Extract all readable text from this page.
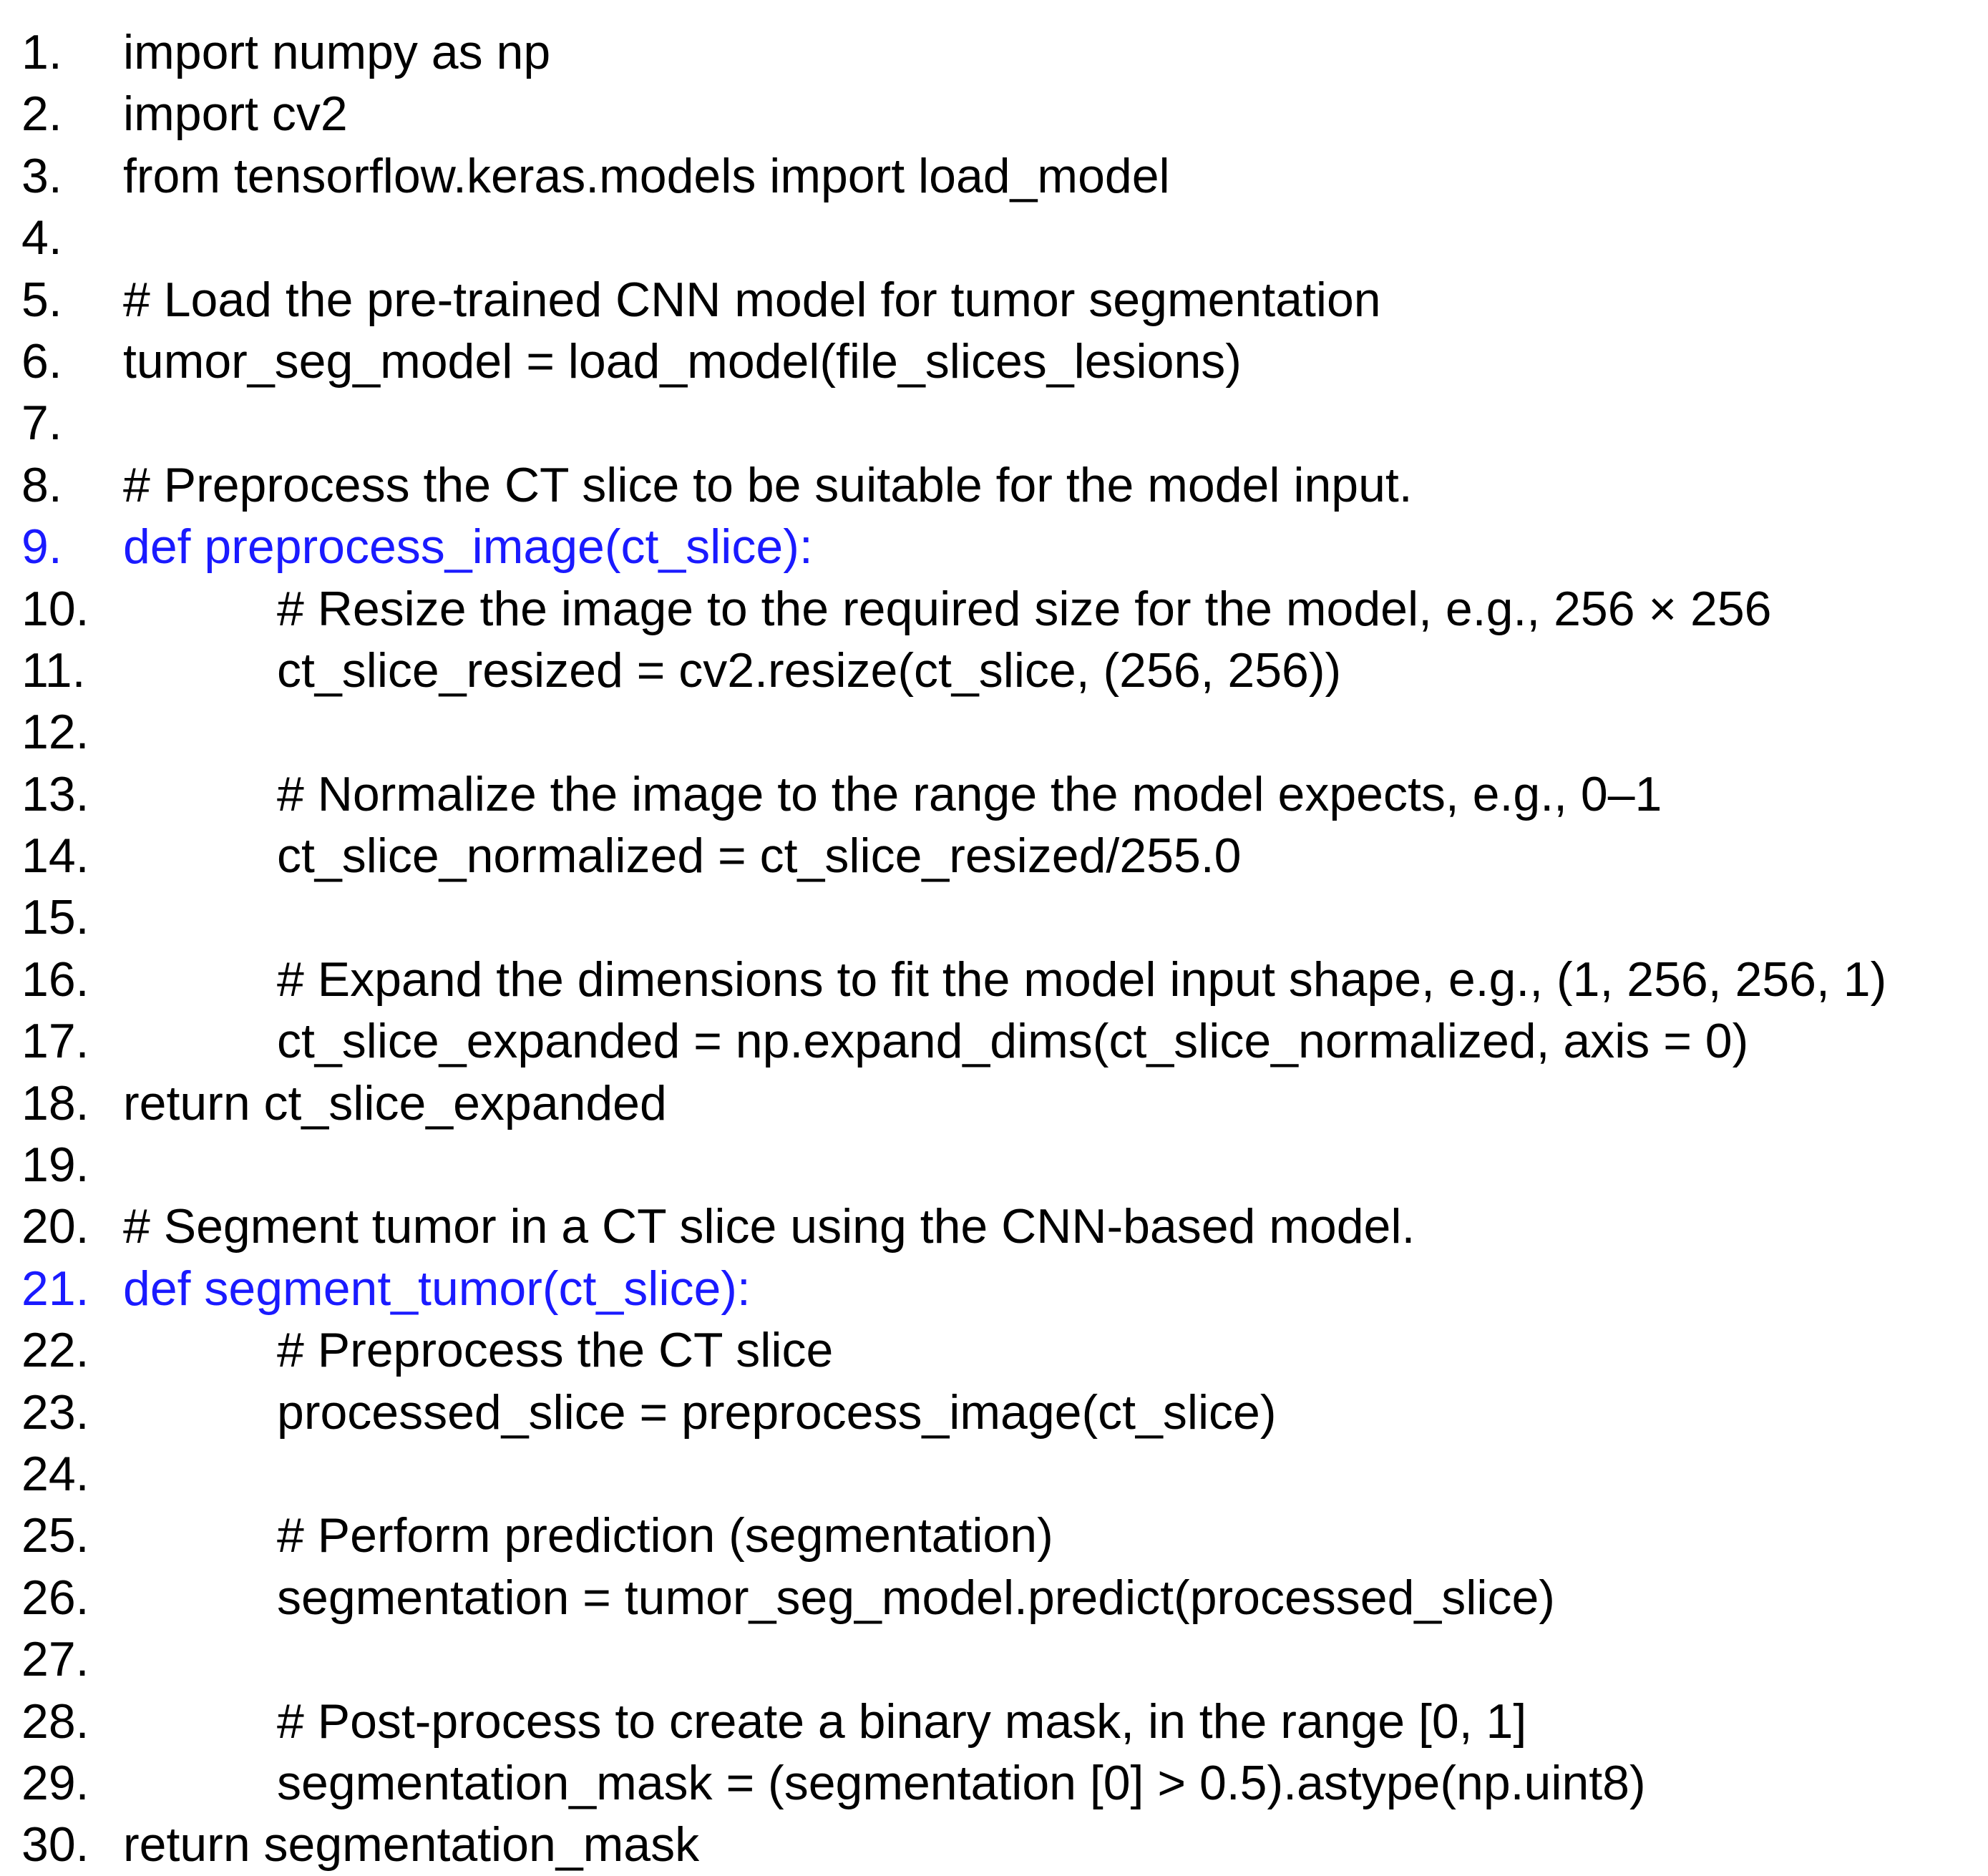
1. import numpy as np
2. import cv2
3. from tensorflow.keras.models import load_model
4.
5. # Load the pre-trained CNN model for tumor segmentation
6. tumor_seg_model = load_model(file_slices_lesions)
7.
8. # Preprocess the CT slice to be suitable for the model input.
9. def preprocess_image(ct_slice):
10.	# Resize the image to the required size for the model, e.g., 256 × 256
11.	ct_slice_resized = cv2.resize(ct_slice, (256, 256))
12.
13.	# Normalize the image to the range the model expects, e.g., 0–1
14.	ct_slice_normalized = ct_slice_resized/255.0
15.
16.	# Expand the dimensions to fit the model input shape, e.g., (1, 256, 256, 1)
17.	ct_slice_expanded = np.expand_dims(ct_slice_normalized, axis = 0)
18. return ct_slice_expanded
19.
20. # Segment tumor in a CT slice using the CNN-based model.
21. def segment_tumor(ct_slice):
22.	# Preprocess the CT slice
23.	processed_slice = preprocess_image(ct_slice)
24.
25.	# Perform prediction (segmentation)
26.	segmentation = tumor_seg_model.predict(processed_slice)
27.
28.	# Post-process to create a binary mask, in the range [0, 1]
29.	segmentation_mask = (segmentation [0] > 0.5).astype(np.uint8)
30. return segmentation_mask
